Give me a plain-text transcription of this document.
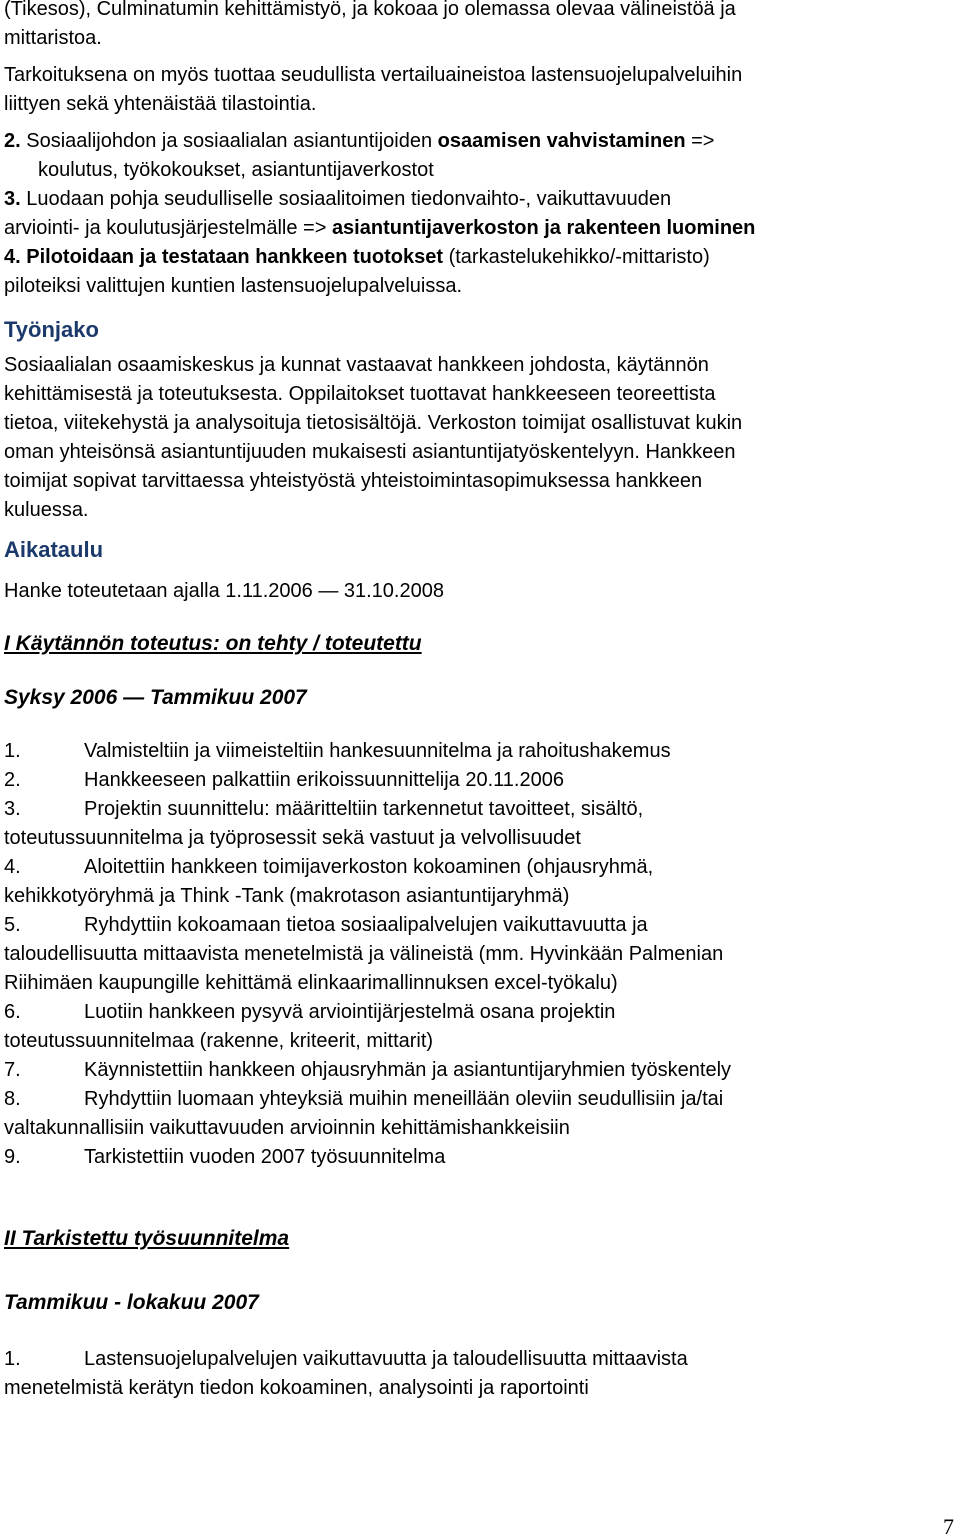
(Tikesos), Culminatumin kehittämistyö, ja kokoaa jo olemassa olevaa välineistöä ja
mittaristoa.

Tarkoituksena on myös tuottaa seudullista vertailuaineistoa lastensuojelupalveluihin
liittyen sekä yhtenäistää tilastointia.

2. Sosiaalijohdon ja sosiaalialan asiantuntijoiden osaamisen vahvistaminen =>
koulutus, työkokoukset, asiantuntijaverkostot
3. Luodaan pohja seudulliselle sosiaalitoimen tiedonvaihto-, vaikuttavuuden
arviointi- ja koulutusjärjestelmälle => asiantuntijaverkoston ja rakenteen luominen
4. Pilotoidaan ja testataan hankkeen tuotokset (tarkastelukehikko/-mittaristo)
piloteiksi valittujen kuntien lastensuojelupalveluissa.
Työnjako

Sosiaalialan osaamiskeskus ja kunnat vastaavat hankkeen johdosta, käytännön
kehittämisestä ja toteutuksesta. Oppilaitokset tuottavat hankkeeseen teoreettista
tietoa, viitekehystä ja analysoituja tietosisältöjä. Verkoston toimijat osallistuvat kukin
oman yhteisönsä asiantuntijuuden mukaisesti asiantuntijatyöskentelyyn. Hankkeen
toimijat sopivat tarvittaessa yhteistyöstä yhteistoimintasopimuksessa hankkeen
kuluessa.

Aikataulu

Hanke toteutetaan ajalla 1.11.2006 — 31.10.2008

I Käytännön toteutus: on tehty / toteutettu

Syksy 2006 — Tammikuu 2007

1.	Valmisteltiin ja viimeisteltiin hankesuunnitelma ja rahoitushakemus
2.	Hankkeeseen palkattiin erikoissuunnittelija 20.11.2006
3.	Projektin suunnittelu: määritteltiin tarkennetut tavoitteet, sisältö,
toteutussuunnitelma ja työprosessit sekä vastuut ja velvollisuudet
4.	Aloitettiin hankkeen toimijaverkoston kokoaminen (ohjausryhmä,
kehikkotyöryhmä ja Think -Tank (makrotason asiantuntijaryhmä)
5.	Ryhdyttiin kokoamaan tietoa sosiaalipalvelujen vaikuttavuutta ja
taloudellisuutta mittaavista menetelmistä ja välineistä (mm. Hyvinkään Palmenian
Riihimäen kaupungille kehittämä elinkaarimallinnuksen excel-työkalu)
6.	Luotiin hankkeen pysyvä arviointijärjestelmä osana projektin
toteutussuunnitelmaa (rakenne, kriteerit, mittarit)
7.	Käynnistettiin hankkeen ohjausryhmän ja asiantuntijaryhmien työskentely
8.	Ryhdyttiin luomaan yhteyksiä muihin meneillään oleviin seudullisiin ja/tai
valtakunnallisiin vaikuttavuuden arvioinnin kehittämishankkeisiin
9.	Tarkistettiin vuoden 2007 työsuunnitelma

II Tarkistettu työsuunnitelma

Tammikuu - lokakuu 2007

1.	Lastensuojelupalvelujen vaikuttavuutta ja taloudellisuutta mittaavista
menetelmistä kerätyn tiedon kokoaminen, analysointi ja raportointi
7
